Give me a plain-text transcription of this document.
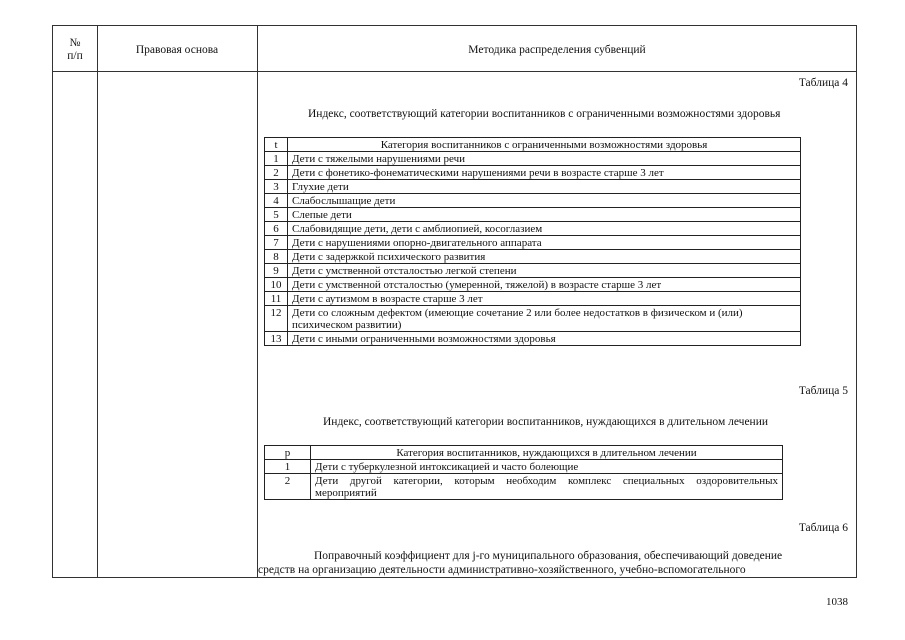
№
п/п	Правовая основа	Методика распределения субвенций
Таблица 4
Индекс, соответствующий категории воспитанников с ограниченными возможностями здоровья
t	Категория воспитанников с ограниченными возможностями здоровья
1	Дети с тяжелыми нарушениями речи
2	Дети с фонетико-фонематическими нарушениями речи в возрасте старше 3 лет
3	Глухие дети
4	Слабослышащие дети
5	Слепые дети
6	Слабовидящие дети, дети с амблиопией, косоглазием
7	Дети с нарушениями опорно-двигательного аппарата
8	Дети с задержкой психического развития
9	Дети с умственной отсталостью легкой степени
10	Дети с умственной отсталостью (умеренной, тяжелой) в возрасте старше 3 лет
11	Дети с аутизмом в возрасте старше 3 лет
12	Дети со сложным дефектом (имеющие сочетание 2 или более недостатков в физическом и (или) психическом развитии)
13	Дети с иными ограниченными возможностями здоровья
Таблица 5
Индекс, соответствующий категории воспитанников, нуждающихся в длительном лечении
p	Категория воспитанников, нуждающихся в длительном лечении
1	Дети с туберкулезной интоксикацией и часто болеющие
2	Дети другой категории, которым необходим комплекс специальных оздоровительных мероприятий
Таблица 6
Поправочный коэффициент для j-го муниципального образования, обеспечивающий доведение
средств на организацию деятельности административно-хозяйственного, учебно-вспомогательного
1038
